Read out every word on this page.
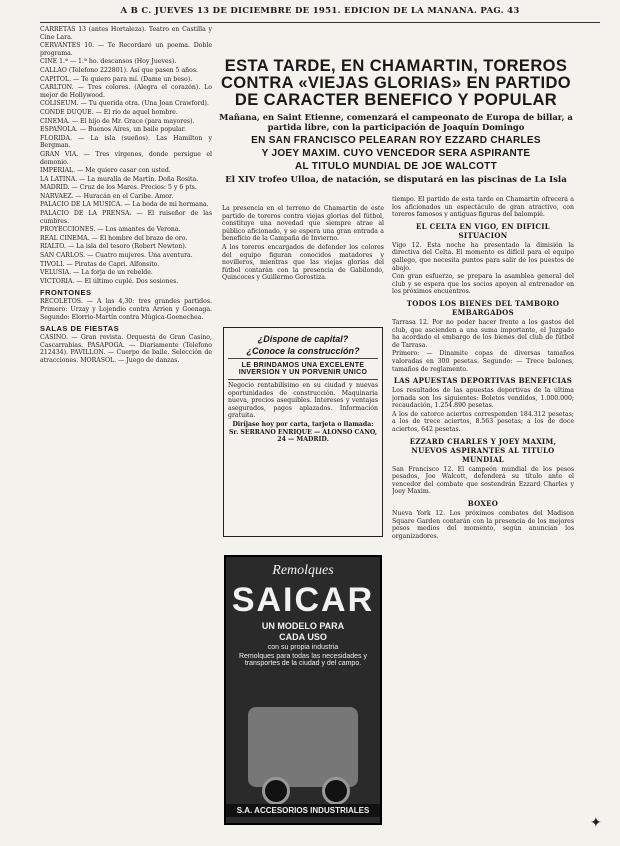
A B C. JUEVES 13 DE DICIEMBRE DE 1951. EDICION DE LA MAÑANA. PAG. 43

CARRETAS 13 (antes Hortaleza). Teatro en Castilla y Cine Lara.

CERVANTES 10. — Te Recordaré un poema. Doble programa.

CINE 1.ª — 1.ª ho. descansos (Hoy Jueves).

CALLAO (Telefono 222801). Así que pasen 5 años.

CAPITOL. — Te quiero para mí. (Dame un beso).

CARLTON. — Tres colores. (Alegra el corazón). Lo mejor de Hollywood.

COLISEUM. — Tu querida otra. (Una Joan Crawford).

CONDE DUQUE. — El río de aquel hombre.

CINEMA. — El hijo de Mr. Grace (para mayores).

ESPAÑOLA. — Buenos Aires, un baile popular.

FLORIDA. — La isla (sueños). Las Hamilton y Bergman.

GRAN VIA. — Tres vírgenes, donde persigue el demonio.

IMPERIAL. — Me quiero casar con usted.

LA LATINA. — La muralla de Martín. Doña Rosita.

MADRID. — Cruz de los Mares. Precios: 5 y 6 pts.

NARVAEZ. — Huracán en el Caribe. Amor.

PALACIO DE LA MUSICA. — La boda de mi hermana.

PALACIO DE LA PRENSA. — El ruiseñor de las cumbres.

PROYECCIONES. — Los amantes de Verona.

REAL CINEMA. — El hombre del brazo de oro.

RIALTO. — La isla del tesoro (Robert Newton).

SAN CARLOS. — Cuatro mujeres. Una aventura.

TIVOLI. — Piratas de Capri. Alfonsito.

VELUSIA. — La forja de un rebelde.

VICTORIA. — El último cuplé. Dos sesiones.

FRONTONES

RECOLETOS. — A las 4,30: tres grandes partidos. Primero: Urzay y Lojendio contra Arrien y Goenaga. Segundo: Elorrio-Martín contra Múgica-Goenechea.

SALAS DE FIESTAS

CASINO. — Gran revista. Orquesta de Gran Casino, Cascarrabias. PASAPOGA. — Diariamente (Telefono 212434). PAVILLON. — Cuerpo de baile. Selección de atracciones. MORASOL. — Juego de danzas.

ESTA TARDE, EN CHAMARTIN, TOREROS

CONTRA «VIEJAS GLORIAS» EN PARTIDO

DE CARACTER BENEFICO Y POPULAR

Mañana, en Saint Etienne, comenzará el campeonato de Europa de billar, a partida libre, con la participación de Joaquín Domingo

EN SAN FRANCISCO PELEARAN ROY EZZARD CHARLES

Y JOEY MAXIM. CUYO VENCEDOR SERA ASPIRANTE

AL TITULO MUNDIAL DE JOE WALCOTT

El XIV trofeo Ulloa, de natación, se disputará en las piscinas de La Isla

La presencia en el terreno de Chamartín de este partido de toreros contra viejas glorias del fútbol, constituye una novedad que siempre atrae al público aficionado, y se espera una gran entrada a beneficio de la Campaña de Invierno.

A los toreros encargados de defender los colores del equipo figuran conocidos matadores y novilleros, mientras que las viejas glorias del fútbol contarán con la presencia de Gabilondo, Quincoces y Guillermo Gorostiza.

¿Dispone de capital?
¿Conoce la construcción?
LE BRINDAMOS UNA EXCELENTE INVERSION Y UN PORVENIR UNICO

Negocio rentabilísimo en su ciudad y nuevas oportunidades de construcción. Maquinaria nueva, precios asequibles. Intereses y ventajas asegurados, pagos aplazados. Información gratuita.

Diríjase hoy por carta, tarjeta o llamada: Sr. SERRANO ENRIQUE — ALONSO CANO, 24 — MADRID.

Remolques
SAICAR
UN MODELO PARA
CADA USO
con su propia industria
Remolques para todas las necesidades y transportes de la ciudad y del campo.
S.A. ACCESORIOS INDUSTRIALES

tiempo. El partido de esta tarde en Chamartín ofrecerá a los aficionados un espectáculo de gran atractivo, con toreros famosos y antiguas figuras del balompié.

EL CELTA EN VIGO, EN DIFICIL SITUACION

Vigo 12. Esta noche ha presentado la dimisión la directiva del Celta. El momento es difícil para el equipo gallego, que necesita puntos para salir de los puestos de abajo.

Con gran esfuerzo, se prepara la asamblea general del club y se espera que los socios apoyen al entrenador en los próximos encuentros.

TODOS LOS BIENES DEL TAMBORO EMBARGADOS

Tarrasa 12. Por no poder hacer frente a los gastos del club, que ascienden a una suma importante, el Juzgado ha acordado el embargo de los bienes del club de fútbol de Tarrasa.

Primero: — Dinamite copas de diversas tamaños valoradas en 300 pesetas. Segundo: — Trece balones, tamaños de reglamento.

LAS APUESTAS DEPORTIVAS BENEFICIAS

Los resultados de las apuestas deportivas de la última jornada son los siguientes: Boletos vendidos, 1.000.000; recaudación, 1.254.890 pesetas.

A los de catorce aciertos corresponden 184.312 pesetas; a los de trece aciertos, 8.563 pesetas; a los de doce aciertos, 642 pesetas.

EZZARD CHARLES Y JOEY MAXIM, NUEVOS ASPIRANTES AL TITULO MUNDIAL

San Francisco 12. El campeón mundial de los pesos pesados, Joe Walcott, defenderá su título ante el vencedor del combate que sostendrán Ezzard Charles y Joey Maxim.

BOXEO

Nueva York 12. Los próximos combates del Madison Square Garden contarán con la presencia de los mejores pesos medios del momento, según anuncian los organizadores.

✦
